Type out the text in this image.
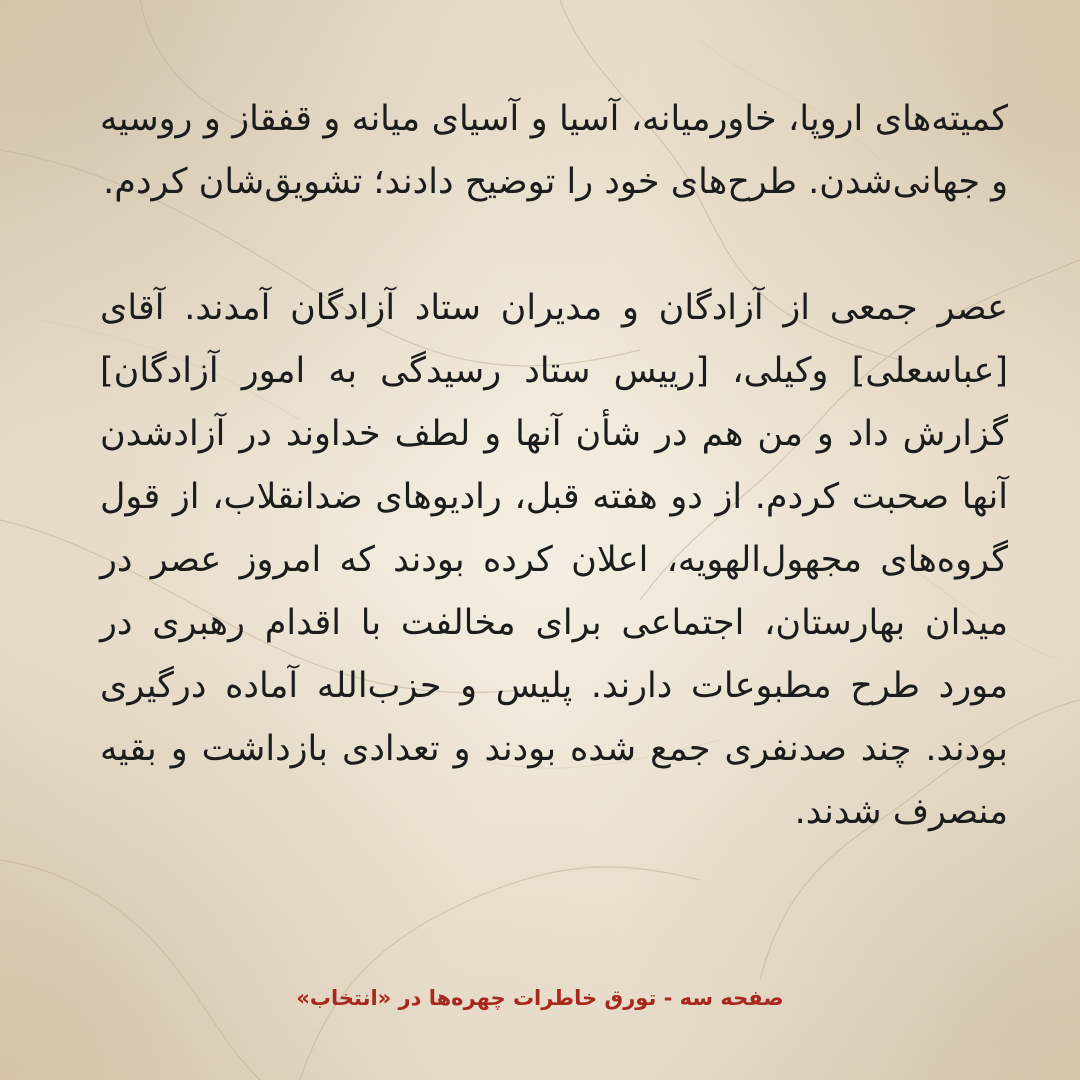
کمیته‌های اروپا، خاورمیانه، آسیا و آسیای میانه و قفقاز و روسیه و جهانی‌شدن. طرح‌های خود را توضیح دادند؛ تشویق‌شان کردم.

عصر جمعی از آزادگان و مدیران ستاد آزادگان آمدند. آقای [عباسعلی] وکیلی، [رییس ستاد رسیدگی به امور آزادگان] گزارش داد و من هم در شأن آنها و لطف خداوند در آزادشدن آنها صحبت کردم. از دو هفته قبل، رادیوهای ضدانقلاب، از قول گروه‌های مجهول‌الهویه، اعلان کرده بودند که امروز عصر در میدان بهارستان، اجتماعی برای مخالفت با اقدام رهبری در مورد طرح مطبوعات دارند. پلیس و حزب‌الله آماده درگیری بودند. چند صدنفری جمع شده بودند و تعدادی بازداشت و بقیه منصرف شدند.

صفحه سه - تورق خاطرات چهره‌ها در «انتخاب»
